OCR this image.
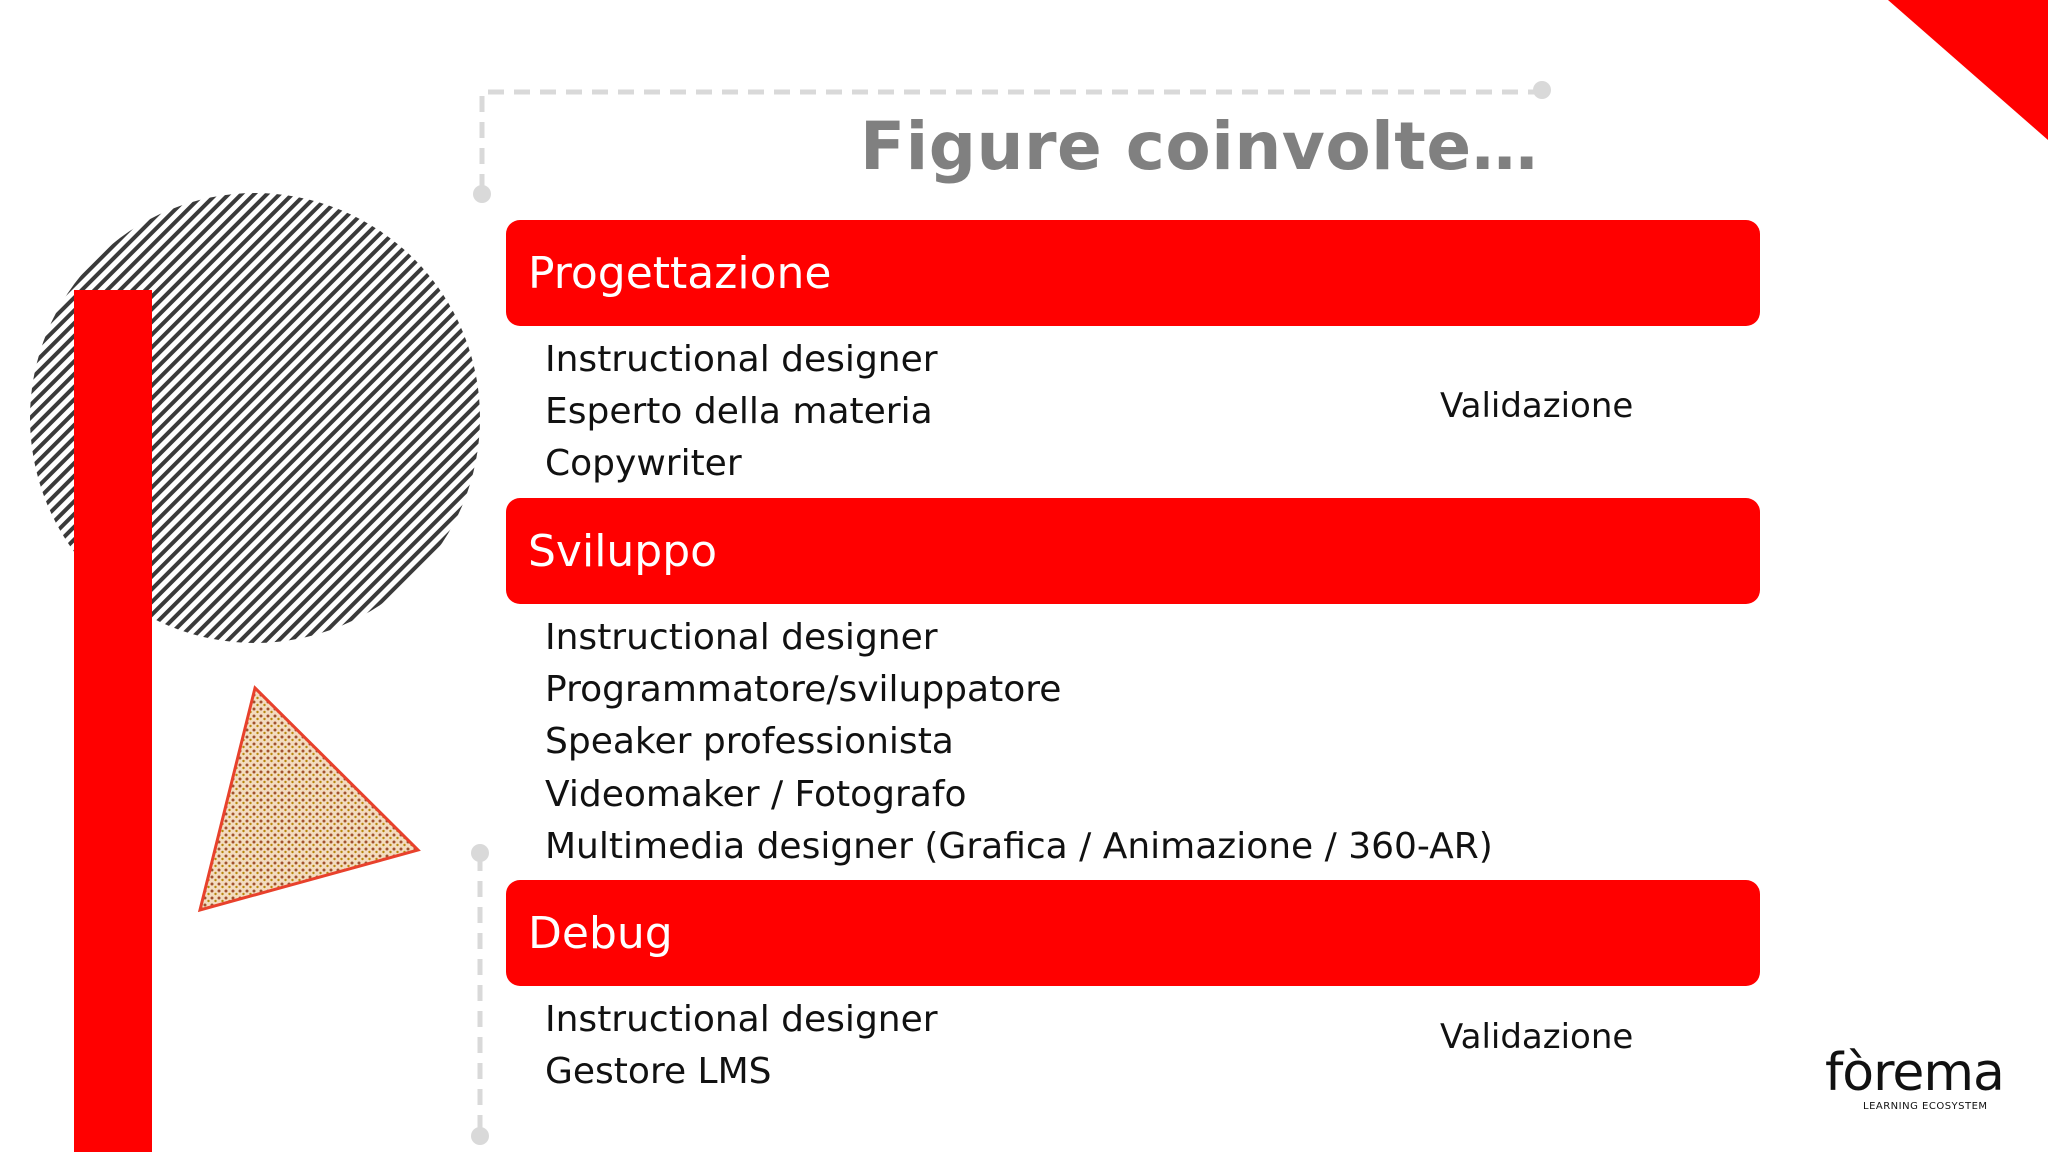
Figure coinvolte…
Progettazione
Instructional designer
Esperto della materia
Copywriter
Validazione
Sviluppo
Instructional designer
Programmatore/sviluppatore
Speaker professionista
Videomaker / Fotografo
Multimedia designer (Grafica / Animazione / 360-AR)
Debug
Instructional designer
Gestore LMS
Validazione
fòrema
LEARNING ECOSYSTEM
